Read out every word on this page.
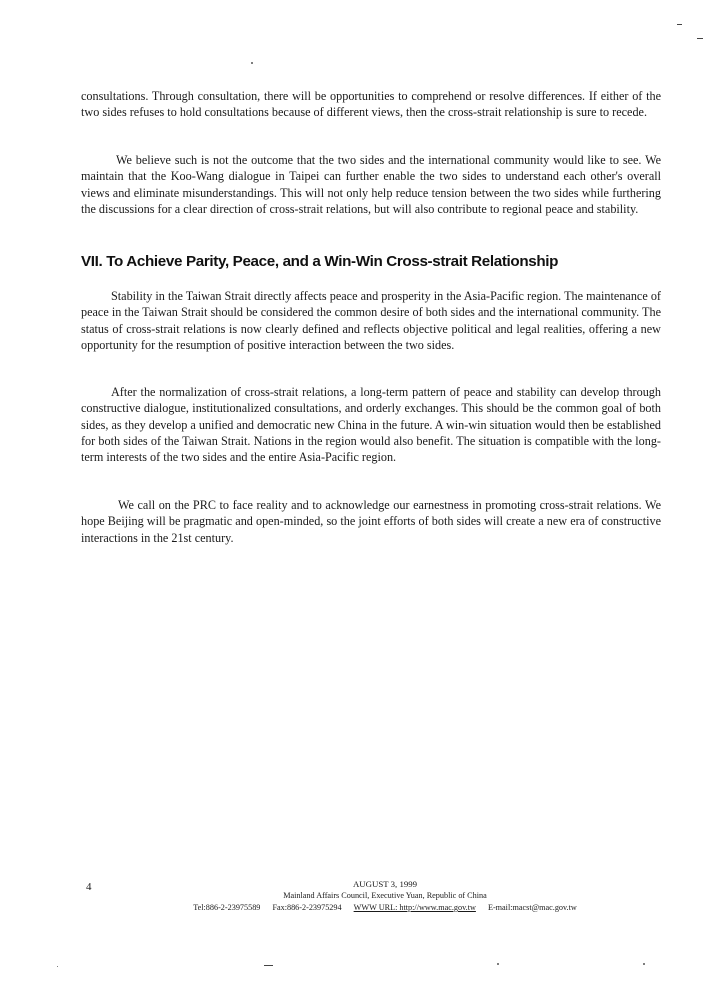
consultations. Through consultation, there will be opportunities to comprehend or resolve differences. If either of the two sides refuses to hold consultations because of different views, then the cross-strait relationship is sure to recede.

We believe such is not the outcome that the two sides and the international community would like to see. We maintain that the Koo-Wang dialogue in Taipei can further enable the two sides to understand each other's overall views and eliminate misunderstandings. This will not only help reduce tension between the two sides while furthering the discussions for a clear direction of cross-strait relations, but will also contribute to regional peace and stability.

VII. To Achieve Parity, Peace, and a Win-Win Cross-strait Relationship

Stability in the Taiwan Strait directly affects peace and prosperity in the Asia-Pacific region. The maintenance of peace in the Taiwan Strait should be considered the common desire of both sides and the international community. The status of cross-strait relations is now clearly defined and reflects objective political and legal realities, offering a new opportunity for the resumption of positive interaction between the two sides.

After the normalization of cross-strait relations, a long-term pattern of peace and stability can develop through constructive dialogue, institutionalized consultations, and orderly exchanges. This should be the common goal of both sides, as they develop a unified and democratic new China in the future. A win-win situation would then be established for both sides of the Taiwan Strait. Nations in the region would also benefit. The situation is compatible with the long-term interests of the two sides and the entire Asia-Pacific region.

We call on the PRC to face reality and to acknowledge our earnestness in promoting cross-strait relations. We hope Beijing will be pragmatic and open-minded, so the joint efforts of both sides will create a new era of constructive interactions in the 21st century.

4	AUGUST 3, 1999
Mainland Affairs Council, Executive Yuan, Republic of China
Tel:886-2-23975589 Fax:886-2-23975294 WWW URL: http://www.mac.gov.tw E-mail:macst@mac.gov.tw
